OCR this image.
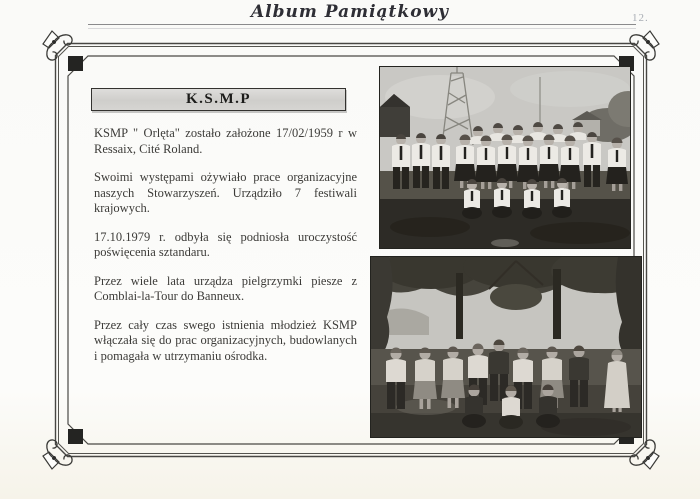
Album Pamiątkowy	12.
K.S.M.P

KSMP " Orlęta" zostało założone 17/02/1959 r w Ressaix, Cité Roland.

Swoimi występami ożywiało prace organizacyjne naszych Stowarzyszeń. Urządziło 7 festiwali krajowych.

17.10.1979 r. odbyła się podniosła uroczystość poświęcenia sztandaru.

Przez wiele lata urządza pielgrzymki piesze z Comblai-la-Tour do Banneux.

Przez cały czas swego istnienia młodzież KSMP włączała się do prac organizacyjnych, budowlanych i pomagała w utrzymaniu ośrodka.
